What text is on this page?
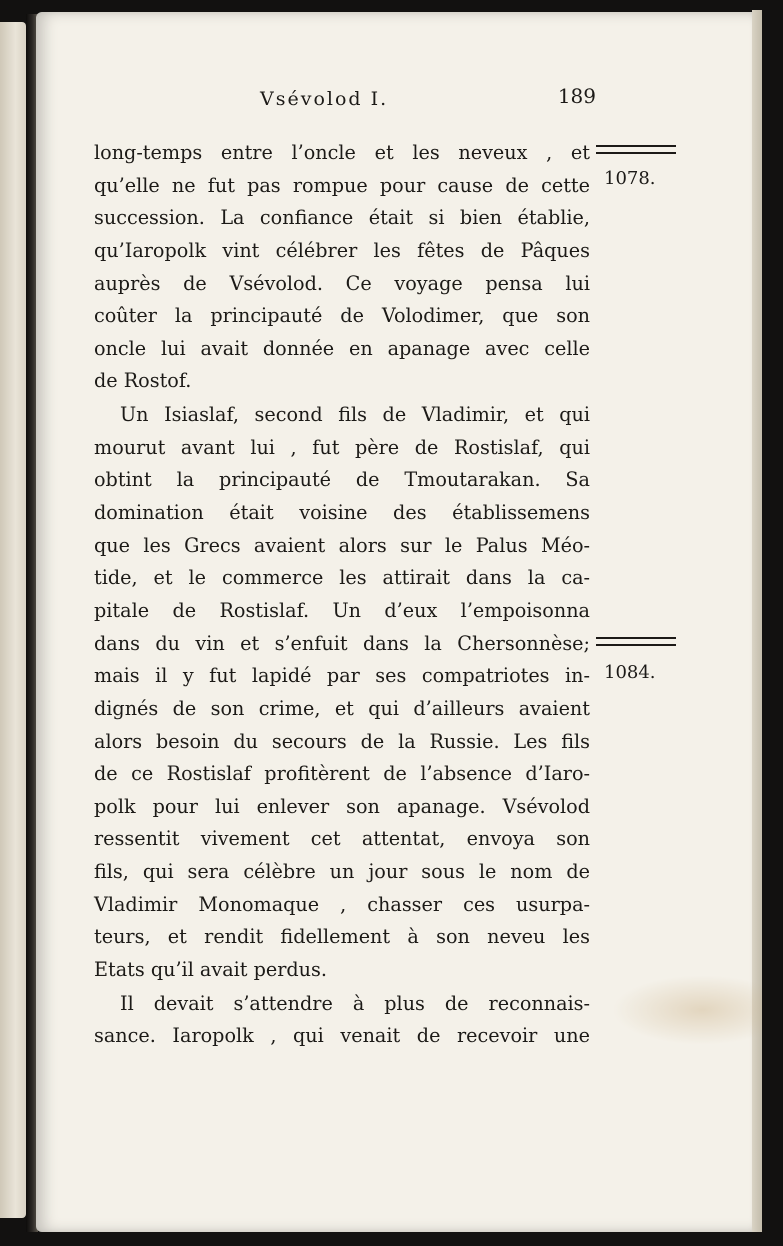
Vsévolod I.	189
long-temps entre l’oncle et les neveux , et
qu’elle ne fut pas rompue pour cause de cette
succession. La confiance était si bien établie,
qu’Iaropolk vint célébrer les fêtes de Pâques
auprès de Vsévolod. Ce voyage pensa lui
coûter la principauté de Volodimer, que son
oncle lui avait donnée en apanage avec celle
de Rostof.
Un Isiaslaf, second fils de Vladimir, et qui
mourut avant lui , fut père de Rostislaf, qui
obtint la principauté de Tmoutarakan. Sa
domination était voisine des établissemens
que les Grecs avaient alors sur le Palus Méo-
tide, et le commerce les attirait dans la ca-
pitale de Rostislaf. Un d’eux l’empoisonna
dans du vin et s’enfuit dans la Chersonnèse;
mais il y fut lapidé par ses compatriotes in-
dignés de son crime, et qui d’ailleurs avaient
alors besoin du secours de la Russie. Les fils
de ce Rostislaf profitèrent de l’absence d’Iaro-
polk pour lui enlever son apanage. Vsévolod
ressentit vivement cet attentat, envoya son
fils, qui sera célèbre un jour sous le nom de
Vladimir Monomaque , chasser ces usurpa-
teurs, et rendit fidellement à son neveu les
Etats qu’il avait perdus.
Il devait s’attendre à plus de reconnais-
sance. Iaropolk , qui venait de recevoir une
1078.
1084.
